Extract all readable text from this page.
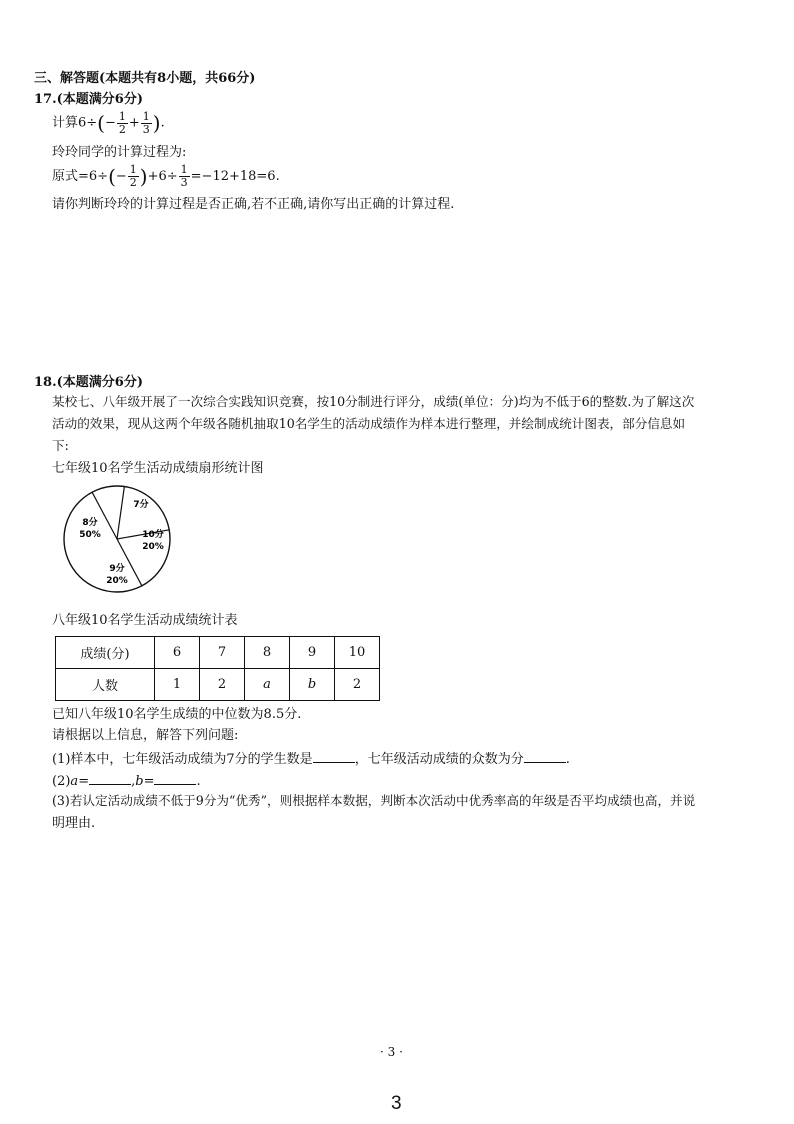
三、解答题(本题共有8小题，共66分)
17.(本题满分6分)
计算$6\div(- \frac{1}{2} + \frac{1}{3}$ ).
玲玲同学的计算过程为:
原式$=6\div(- \frac{1}{2} )+6\div \frac{1}{3} =-12+18=6$.
请你判断玲玲的计算过程是否正确,若不正确,请你写出正确的计算过程.
18.(本题满分6分)
某校七、八年级开展了一次综合实践知识竞赛，按10分制进行评分，成绩(单位：分)均为不低于6的整数.为了解这次
活动的效果，现从这两个年级各随机抽取10名学生的活动成绩作为样本进行整理，并绘制成统计图表，部分信息如
下:
七年级10名学生活动成绩扇形统计图
8分
50%
7分
10分
20%
9分
20%
八年级10名学生活动成绩统计表
成绩(分)	6	7	8	9	10
人数	1	2	a	b	2
已知八年级10名学生成绩的中位数为8.5分.
请根据以上信息，解答下列问题:
(1)样本中，七年级活动成绩为7分的学生数是	，七年级活动成绩的众数为分	.
(2)a=	,b=	.
(3)若认定活动成绩不低于9分为“优秀”，则根据样本数据，判断本次活动中优秀率高的年级是否平均成绩也高，并说
明理由.
· 3 ·
3
